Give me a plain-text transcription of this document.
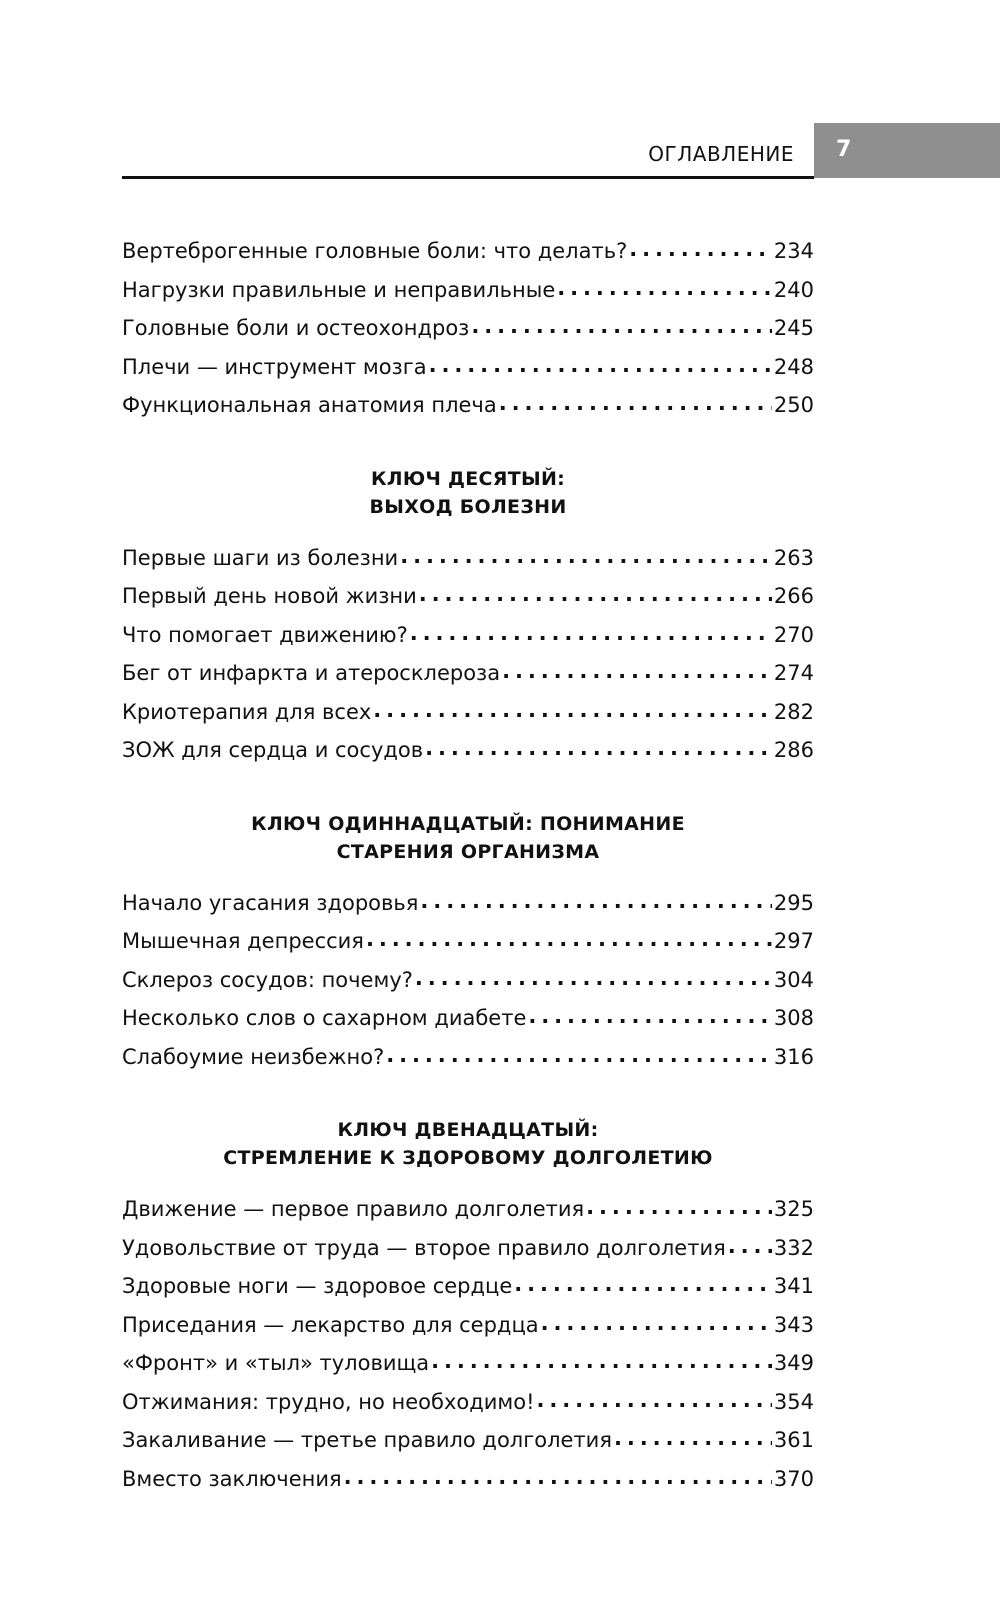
ОГЛАВЛЕНИЕ 7
Вертеброгенные головные боли: что делать? . . .	234
Нагрузки правильные и неправильные . . .	240
Головные боли и остеохондроз . . .	245
Плечи — инструмент мозга . . .	248
Функциональная анатомия плеча . . .	250
КЛЮЧ ДЕСЯТЫЙ:
ВЫХОД БОЛЕЗНИ
Первые шаги из болезни . . .	263
Первый день новой жизни . . .	266
Что помогает движению? . . .	270
Бег от инфаркта и атеросклероза . . .	274
Криотерапия для всех . . .	282
ЗОЖ для сердца и сосудов . . .	286
КЛЮЧ ОДИННАДЦАТЫЙ: ПОНИМАНИЕ
СТАРЕНИЯ ОРГАНИЗМА
Начало угасания здоровья . . .	295
Мышечная депрессия . . .	297
Склероз сосудов: почему? . . .	304
Несколько слов о сахарном диабете . . .	308
Слабоумие неизбежно? . . .	316
КЛЮЧ ДВЕНАДЦАТЫЙ:
СТРЕМЛЕНИЕ К ЗДОРОВОМУ ДОЛГОЛЕТИЮ
Движение — первое правило долголетия . . .	325
Удовольствие от труда — второе правило долголетия . . . 332
Здоровые ноги — здоровое сердце . . .	341
Приседания — лекарство для сердца . . .	343
«Фронт» и «тыл» туловища . . .	349
Отжимания: трудно, но необходимо! . . .	354
Закаливание — третье правило долголетия . . .	361
Вместо заключения . . .	370
